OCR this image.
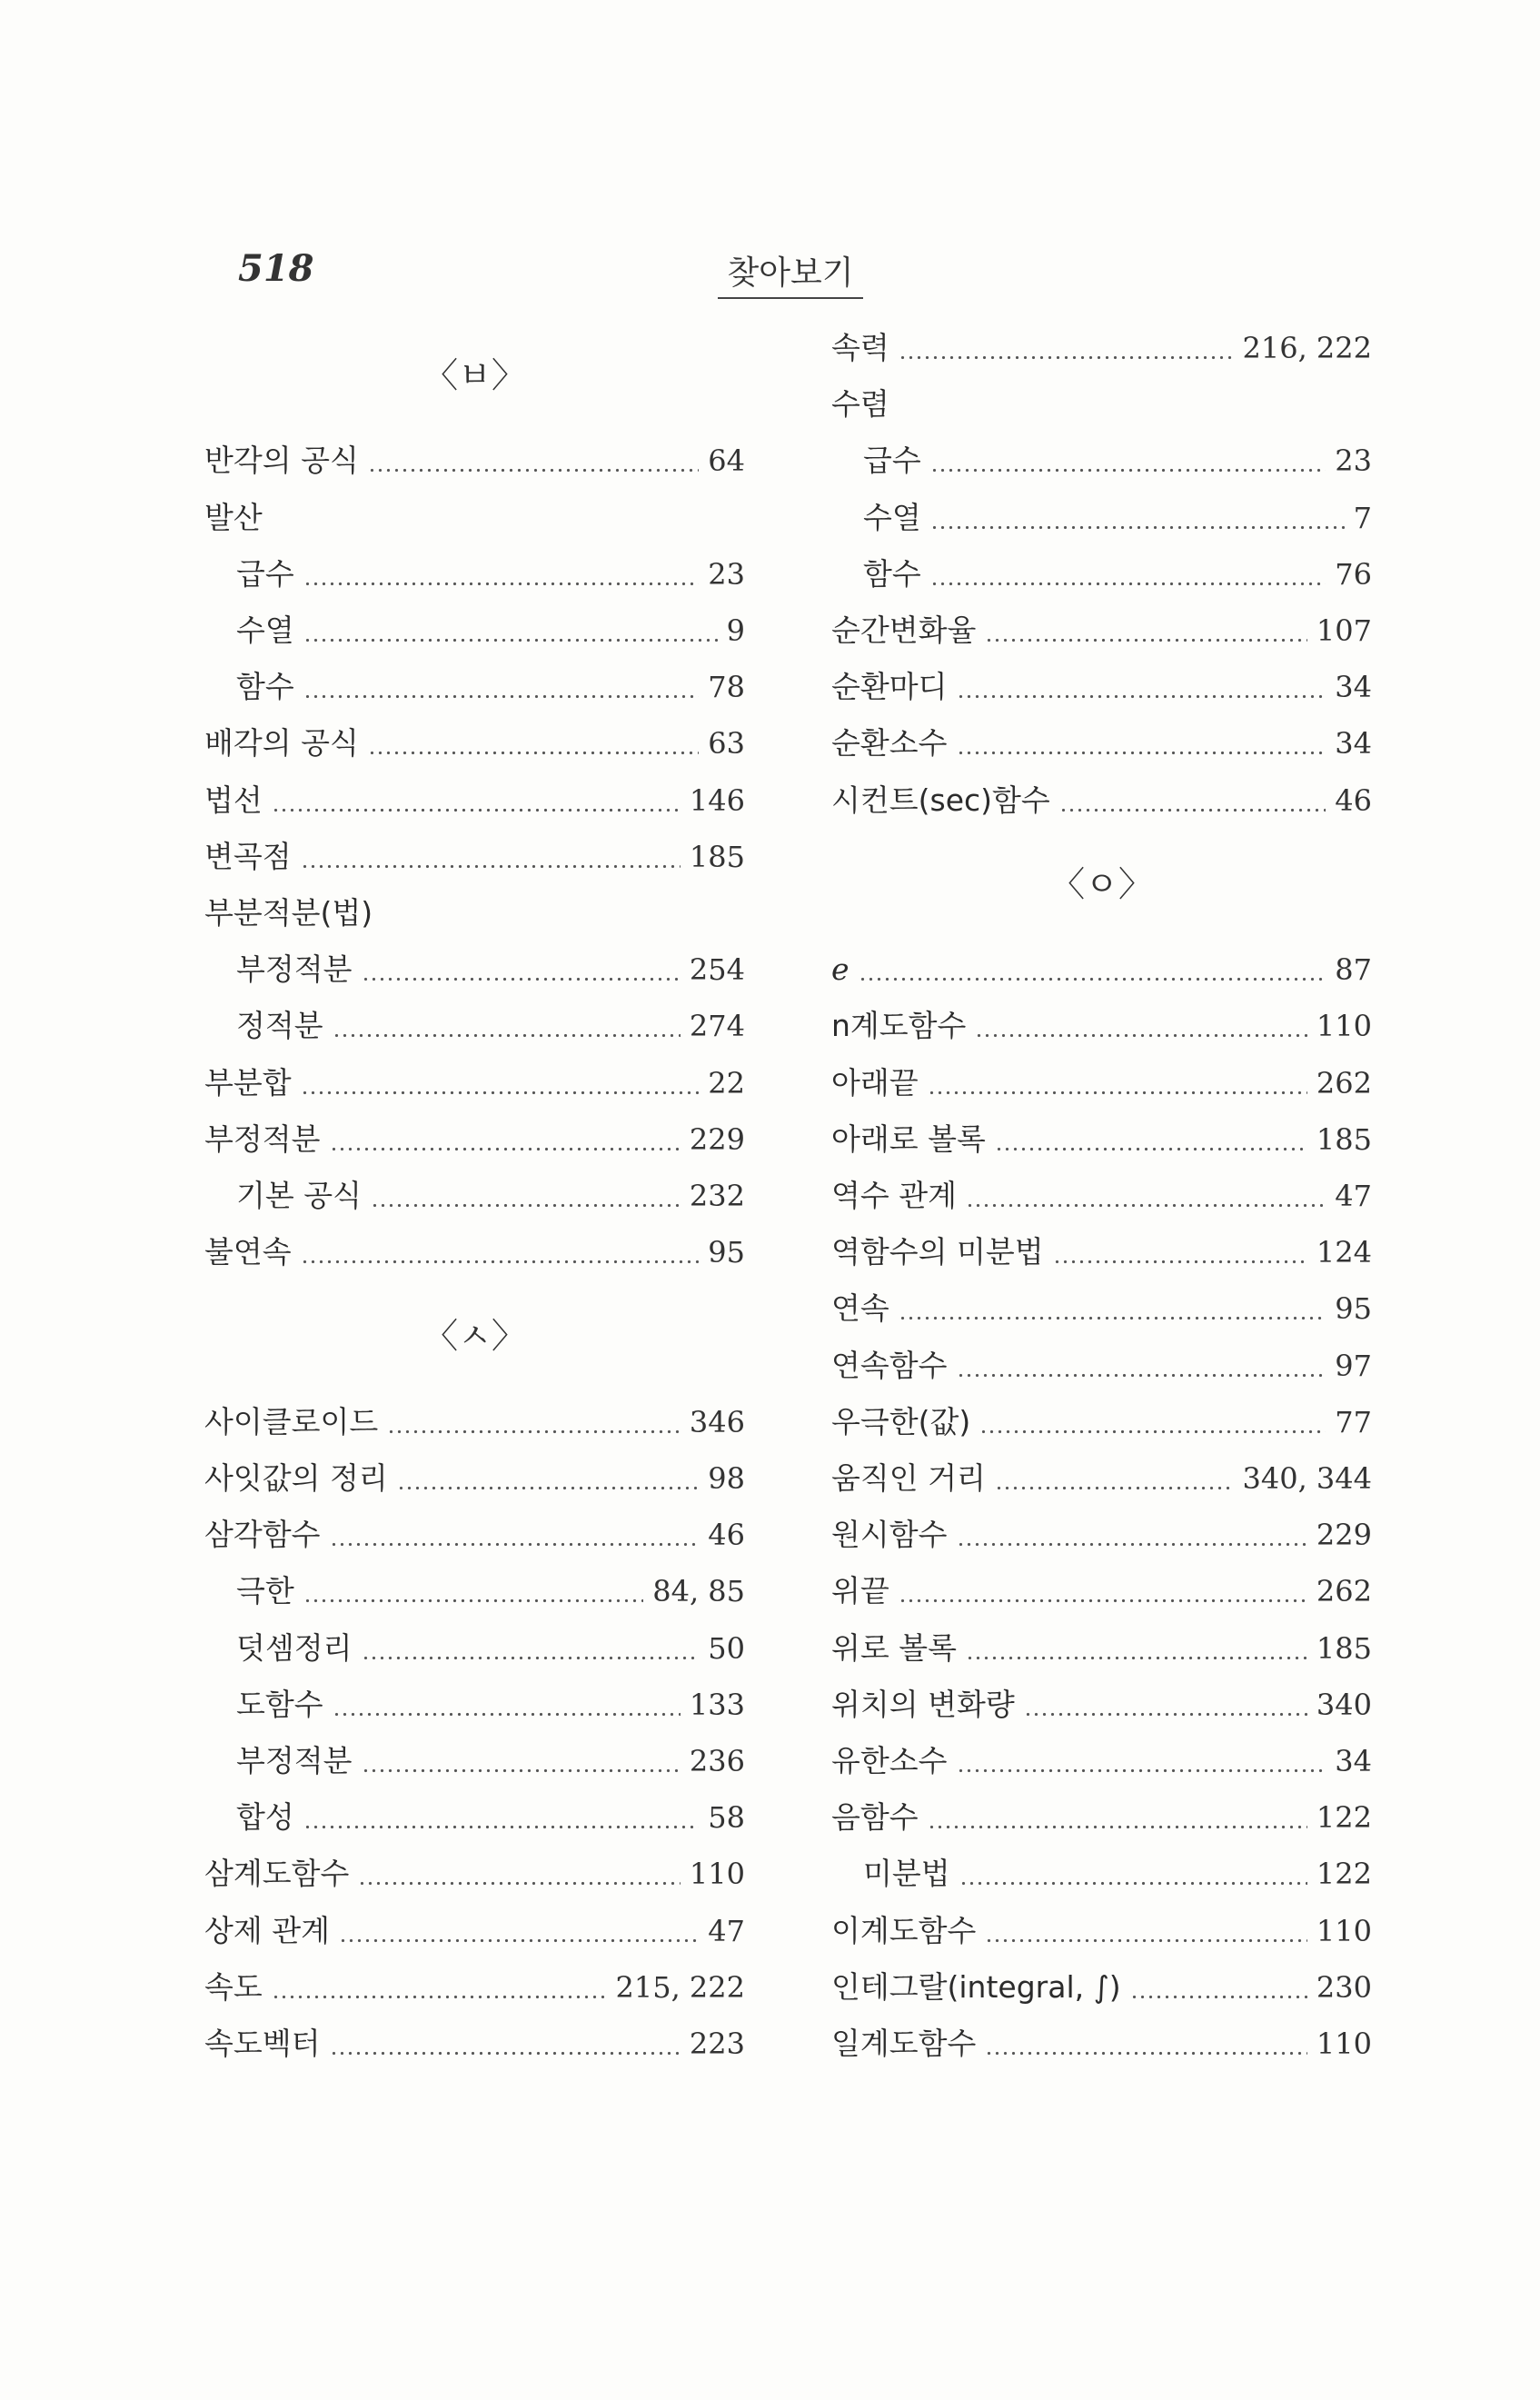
518	찾아보기
〈ㅂ〉
반각의 공식	64
발산
급수	23
수열	9
함수	78
배각의 공식	63
법선	146
변곡점	185
부분적분(법)
부정적분	254
정적분	274
부분합	22
부정적분	229
기본 공식	232
불연속	95
〈ㅅ〉
사이클로이드	346
사잇값의 정리	98
삼각함수	46
극한	84, 85
덧셈정리	50
도함수	133
부정적분	236
합성	58
삼계도함수	110
상제 관계	47
속도	215, 222
속도벡터	223
속력	216, 222
수렴
급수	23
수열	7
함수	76
순간변화율	107
순환마디	34
순환소수	34
시컨트(sec)함수	46
〈ㅇ〉
e	87
n계도함수	110
아래끝	262
아래로 볼록	185
역수 관계	47
역함수의 미분법	124
연속	95
연속함수	97
우극한(값)	77
움직인 거리	340, 344
원시함수	229
위끝	262
위로 볼록	185
위치의 변화량	340
유한소수	34
음함수	122
미분법	122
이계도함수	110
인테그랄(integral, ∫)	230
일계도함수	110
